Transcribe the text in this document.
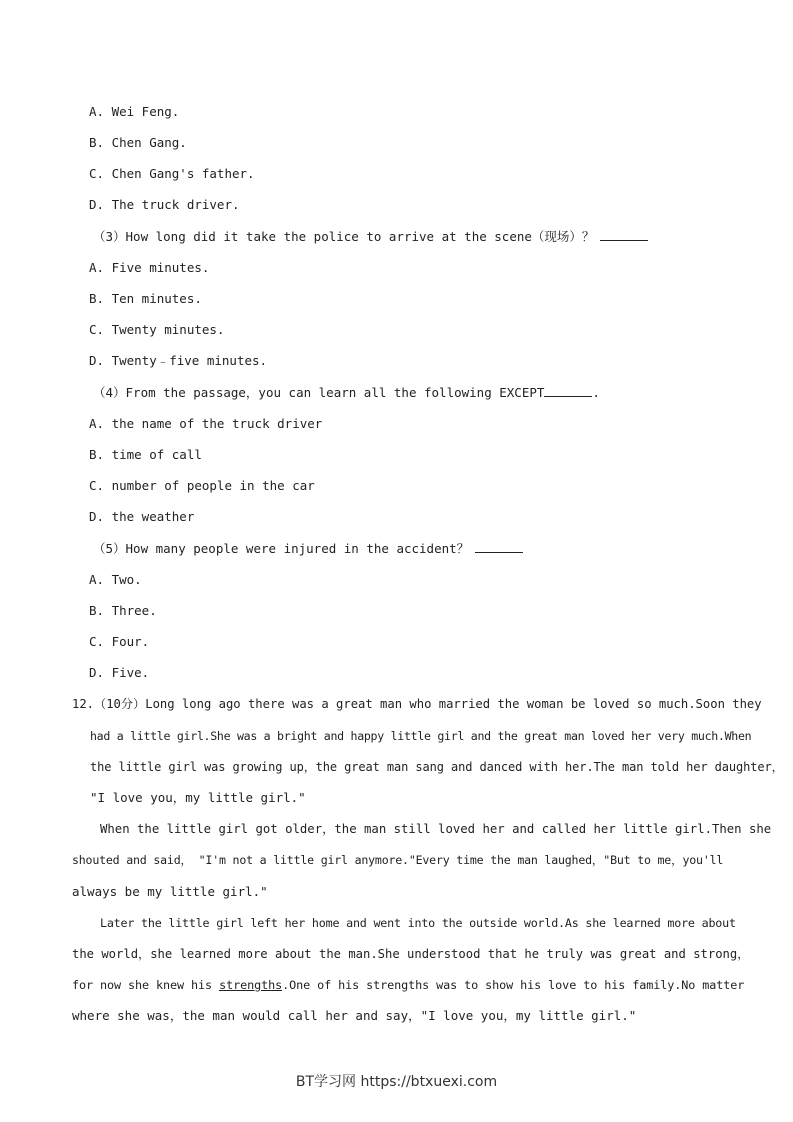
A. Wei Feng.
B. Chen Gang.
C. Chen Gang's father.
D. The truck driver.
（3）How long did it take the police to arrive at the scene（现场）？
A. Five minutes.
B. Ten minutes.
C. Twenty minutes.
D. Twenty﹣five minutes.
（4）From the passage，you can learn all the following EXCEPT	.
A. the name of the truck driver
B. time of call
C. number of people in the car
D. the weather
（5）How many people were injured in the accident？
A. Two.
B. Three.
C. Four.
D. Five.
12.（10分）Long long ago there was a great man who married the woman be loved so much.Soon they
had a little girl.She was a bright and happy little girl and the great man loved her very much.When
the little girl was growing up，the great man sang and danced with her.The man told her daughter，
"I love you，my little girl."
When the little girl got older，the man still loved her and called her little girl.Then she
shouted and said， "I'm not a little girl anymore."Every time the man laughed，"But to me，you'll
always be my little girl."
Later the little girl left her home and went into the outside world.As she learned more about
the world，she learned more about the man.She understood that he truly was great and strong，
for now she knew his strengths.One of his strengths was to show his love to his family.No matter
where she was，the man would call her and say，"I love you，my little girl."
BT学习网 https://btxuexi.com
